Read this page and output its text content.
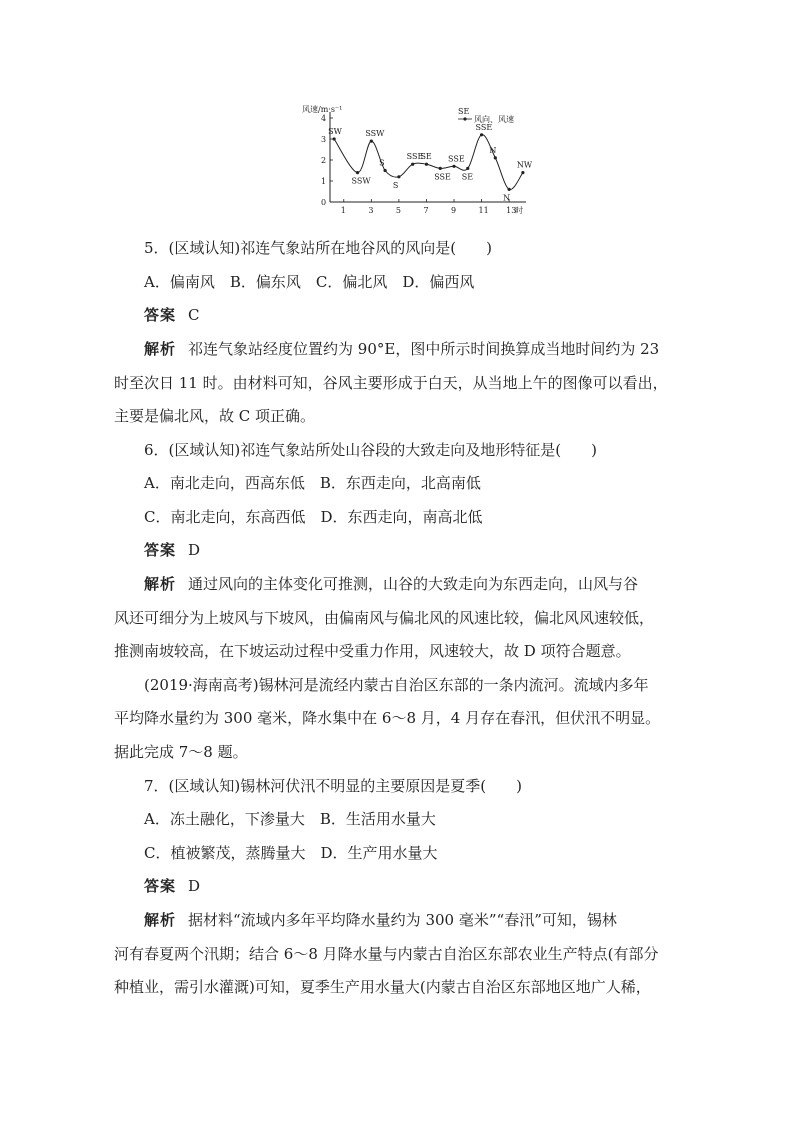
风速/m·s⁻¹
0
1
2
3
4
1	3	5	7	9	11 13
时
SW
SSW
SSW
S
S
SSE
SE
SSE
SSE
SE
SSE
N
N
NW
SE
风向、风速
5．(区域认知)祁连气象站所在地谷风的风向是(　　)
A．偏南风　B．偏东风　C．偏北风　D．偏西风
答案 C
解析 祁连气象站经度位置约为 90°E，图中所示时间换算成当地时间约为 23
时至次日 11 时。由材料可知，谷风主要形成于白天，从当地上午的图像可以看出，
主要是偏北风，故 C 项正确。
6．(区域认知)祁连气象站所处山谷段的大致走向及地形特征是(　　)
A．南北走向，西高东低　B．东西走向，北高南低
C．南北走向，东高西低　D．东西走向，南高北低
答案 D
解析 通过风向的主体变化可推测，山谷的大致走向为东西走向，山风与谷
风还可细分为上坡风与下坡风，由偏南风与偏北风的风速比较，偏北风风速较低，
推测南坡较高，在下坡运动过程中受重力作用，风速较大，故 D 项符合题意。
(2019·海南高考)锡林河是流经内蒙古自治区东部的一条内流河。流域内多年
平均降水量约为 300 毫米，降水集中在 6～8 月，4 月存在春汛，但伏汛不明显。
据此完成 7～8 题。
7．(区域认知)锡林河伏汛不明显的主要原因是夏季(　　)
A．冻土融化，下渗量大　B．生活用水量大
C．植被繁茂，蒸腾量大　D．生产用水量大
答案 D
解析 据材料“流域内多年平均降水量约为 300 毫米”“春汛”可知，锡林
河有春夏两个汛期；结合 6～8 月降水量与内蒙古自治区东部农业生产特点(有部分
种植业，需引水灌溉)可知，夏季生产用水量大(内蒙古自治区东部地区地广人稀，
